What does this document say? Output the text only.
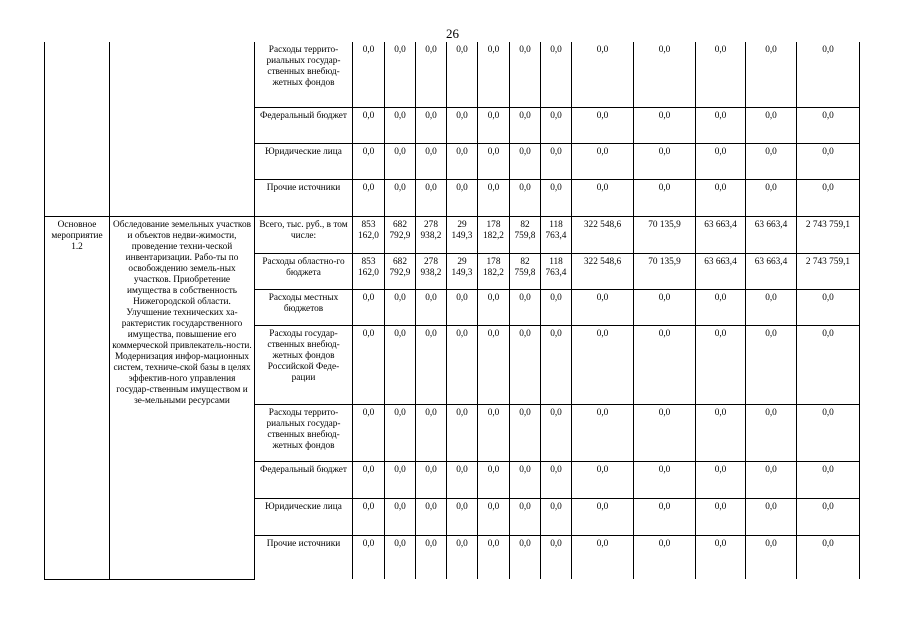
26
		Расходы террито-риальных государ-ственных внебюд-жетных фондов	0,0	0,0	0,0	0,0	0,0	0,0	0,0	0,0	0,0	0,0	0,0	0,0
		Федеральный бюджет	0,0	0,0	0,0	0,0	0,0	0,0	0,0	0,0	0,0	0,0	0,0	0,0
		Юридические лица	0,0	0,0	0,0	0,0	0,0	0,0	0,0	0,0	0,0	0,0	0,0	0,0
		Прочие источники	0,0	0,0	0,0	0,0	0,0	0,0	0,0	0,0	0,0	0,0	0,0	0,0
Основное мероприятие 1.2	Обследование земельных участков и объектов недви-жимости, проведение техни-ческой инвентаризации. Рабо-ты по освобождению земель-ных участков. Приобретение имущества в собственность Нижегородской области. Улучшение технических ха-рактеристик государственного имущества, повышение его коммерческой привлекатель-ности. Модернизация инфор-мационных систем, техниче-ской базы в целях эффектив-ного управления государ-ственным имуществом и зе-мельными ресурсами	Всего, тыс. руб., в том числе:	853 162,0	682 792,9	278 938,2	29 149,3	178 182,2	82 759,8	118 763,4	322 548,6	70 135,9	63 663,4	63 663,4	2 743 759,1
		Расходы областно-го бюджета	853 162,0	682 792,9	278 938,2	29 149,3	178 182,2	82 759,8	118 763,4	322 548,6	70 135,9	63 663,4	63 663,4	2 743 759,1
		Расходы местных бюджетов	0,0	0,0	0,0	0,0	0,0	0,0	0,0	0,0	0,0	0,0	0,0	0,0
		Расходы государ-ственных внебюд-жетных фондов Российской Феде-рации	0,0	0,0	0,0	0,0	0,0	0,0	0,0	0,0	0,0	0,0	0,0	0,0
		Расходы террито-риальных государ-ственных внебюд-жетных фондов	0,0	0,0	0,0	0,0	0,0	0,0	0,0	0,0	0,0	0,0	0,0	0,0
		Федеральный бюджет	0,0	0,0	0,0	0,0	0,0	0,0	0,0	0,0	0,0	0,0	0,0	0,0
		Юридические лица	0,0	0,0	0,0	0,0	0,0	0,0	0,0	0,0	0,0	0,0	0,0	0,0
		Прочие источники	0,0	0,0	0,0	0,0	0,0	0,0	0,0	0,0	0,0	0,0	0,0	0,0
